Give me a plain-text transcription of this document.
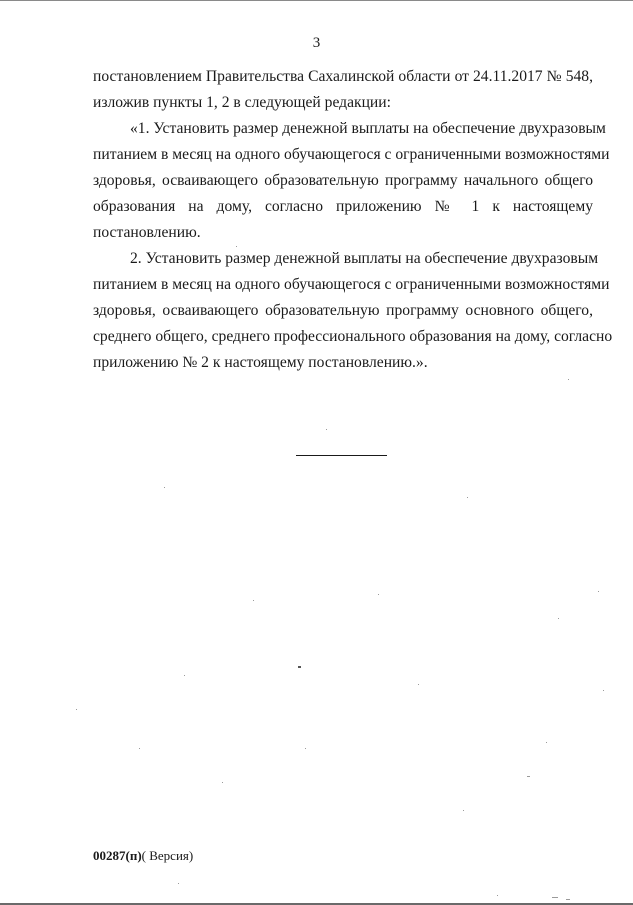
3
постановлением Правительства Сахалинской области от 24.11.2017 № 548,
изложив пункты 1, 2 в следующей редакции:
«1. Установить размер денежной выплаты на обеспечение двухразовым
питанием в месяц на одного обучающегося с ограниченными возможностями
здоровья, осваивающего образовательную программу начального общего
образования на дому, согласно приложению № 1 к настоящему
постановлению.
2. Установить размер денежной выплаты на обеспечение двухразовым
питанием в месяц на одного обучающегося с ограниченными возможностями
здоровья, осваивающего образовательную программу основного общего,
среднего общего, среднего профессионального образования на дому, согласно
приложению № 2 к настоящему постановлению.».
00287(п)( Версия)
